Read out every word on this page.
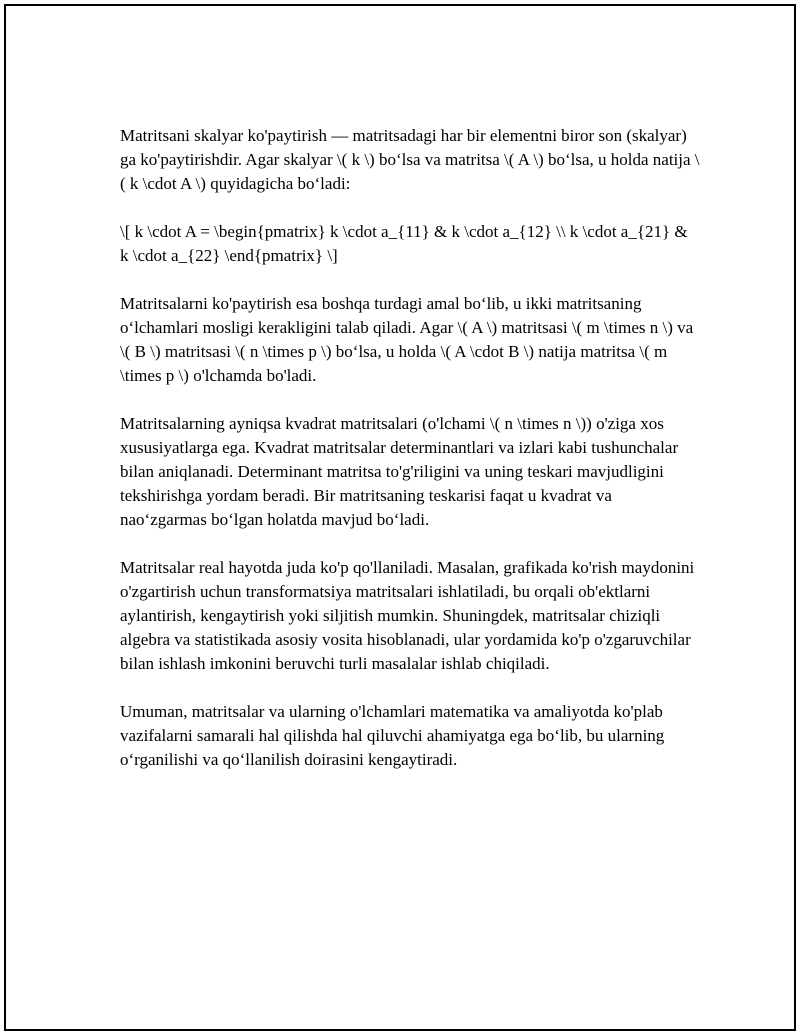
Matritsani skalyar ko'paytirish — matritsadagi har bir elementni biror son (skalyar) ga ko'paytirishdir. Agar skalyar \( k \) bo‘lsa va matritsa \( A \) bo‘lsa, u holda natija \( k \cdot A \) quyidagicha bo‘ladi:

\[ k \cdot A = \begin{pmatrix} k \cdot a_{11} & k \cdot a_{12} \\ k \cdot a_{21} & k \cdot a_{22} \end{pmatrix} \]

Matritsalarni ko'paytirish esa boshqa turdagi amal bo‘lib, u ikki matritsaning o‘lchamlari mosligi kerakligini talab qiladi. Agar \( A \) matritsasi \( m \times n \) va \( B \) matritsasi \( n \times p \) bo‘lsa, u holda \( A \cdot B \) natija matritsa \( m \times p \) o'lchamda bo'ladi.

Matritsalarning ayniqsa kvadrat matritsalari (o'lchami \( n \times n \)) o'ziga xos xususiyatlarga ega. Kvadrat matritsalar determinantlari va izlari kabi tushunchalar bilan aniqlanadi. Determinant matritsa to'g'riligini va uning teskari mavjudligini tekshirishga yordam beradi. Bir matritsaning teskarisi faqat u kvadrat va nao‘zgarmas bo‘lgan holatda mavjud bo‘ladi.

Matritsalar real hayotda juda ko'p qo'llaniladi. Masalan, grafikada ko'rish maydonini o'zgartirish uchun transformatsiya matritsalari ishlatiladi, bu orqali ob'ektlarni aylantirish, kengaytirish yoki siljitish mumkin. Shuningdek, matritsalar chiziqli algebra va statistikada asosiy vosita hisoblanadi, ular yordamida ko'p o'zgaruvchilar bilan ishlash imkonini beruvchi turli masalalar ishlab chiqiladi.

Umuman, matritsalar va ularning o'lchamlari matematika va amaliyotda ko'plab vazifalarni samarali hal qilishda hal qiluvchi ahamiyatga ega bo‘lib, bu ularning o‘rganilishi va qo‘llanilish doirasini kengaytiradi.
